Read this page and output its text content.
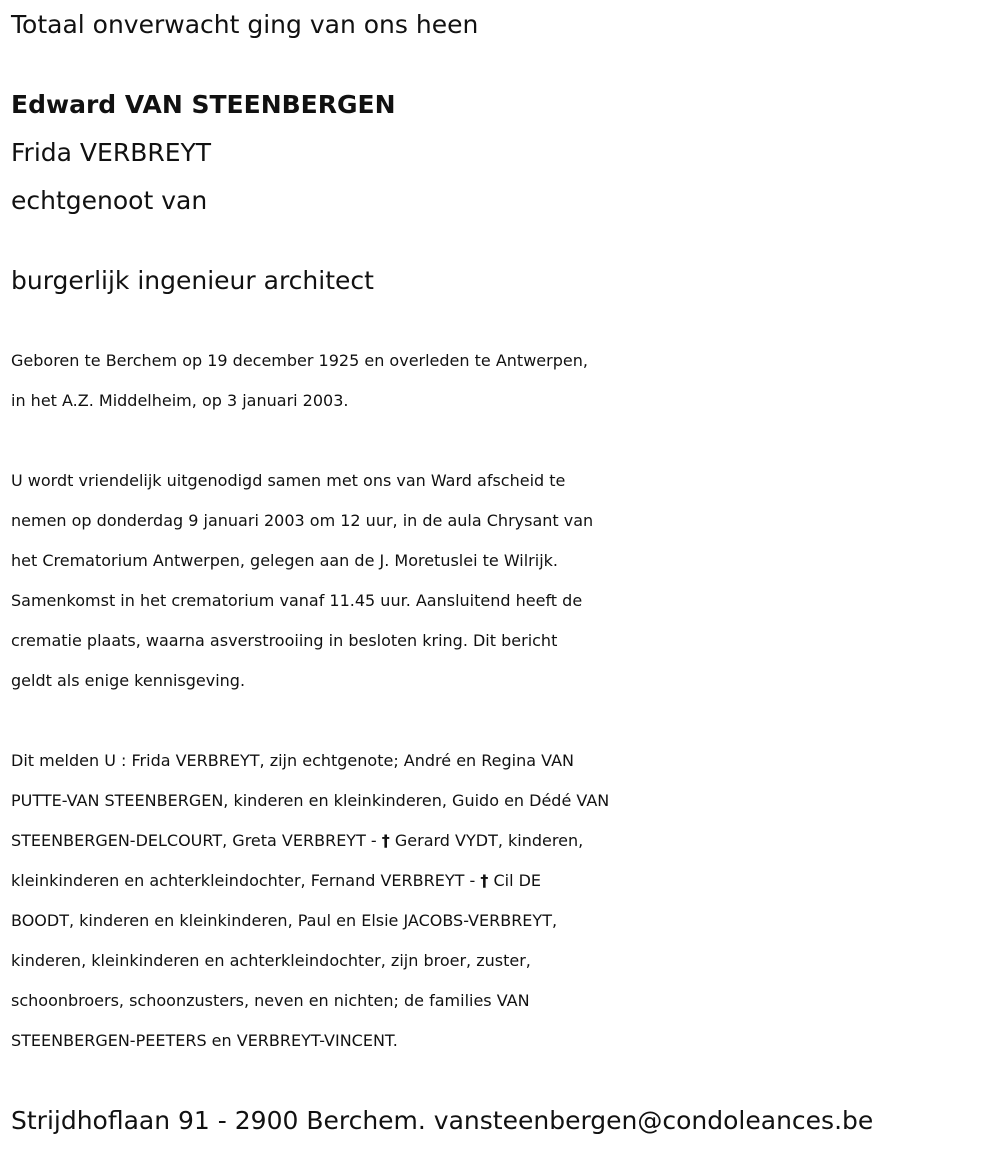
Totaal onverwacht ging van ons heen
Edward VAN STEENBERGEN
Frida VERBREYT
echtgenoot van
burgerlijk ingenieur architect
Geboren te Berchem op 19 december 1925 en overleden te Antwerpen,
in het A.Z. Middelheim, op 3 januari 2003.
U wordt vriendelijk uitgenodigd samen met ons van Ward afscheid te
nemen op donderdag 9 januari 2003 om 12 uur, in de aula Chrysant van
het Crematorium Antwerpen, gelegen aan de J. Moretuslei te Wilrijk.
Samenkomst in het crematorium vanaf 11.45 uur. Aansluitend heeft de
crematie plaats, waarna asverstrooiing in besloten kring. Dit bericht
geldt als enige kennisgeving.
Dit melden U : Frida VERBREYT, zijn echtgenote; André en Regina VAN
PUTTE-VAN STEENBERGEN, kinderen en kleinkinderen, Guido en Dédé VAN
STEENBERGEN-DELCOURT, Greta VERBREYT - † Gerard VYDT, kinderen,
kleinkinderen en achterkleindochter, Fernand VERBREYT - † Cil DE
BOODT, kinderen en kleinkinderen, Paul en Elsie JACOBS-VERBREYT,
kinderen, kleinkinderen en achterkleindochter, zijn broer, zuster,
schoonbroers, schoonzusters, neven en nichten; de families VAN
STEENBERGEN-PEETERS en VERBREYT-VINCENT.
Strijdhoflaan 91 - 2900 Berchem. vansteenbergen@condoleances.be
